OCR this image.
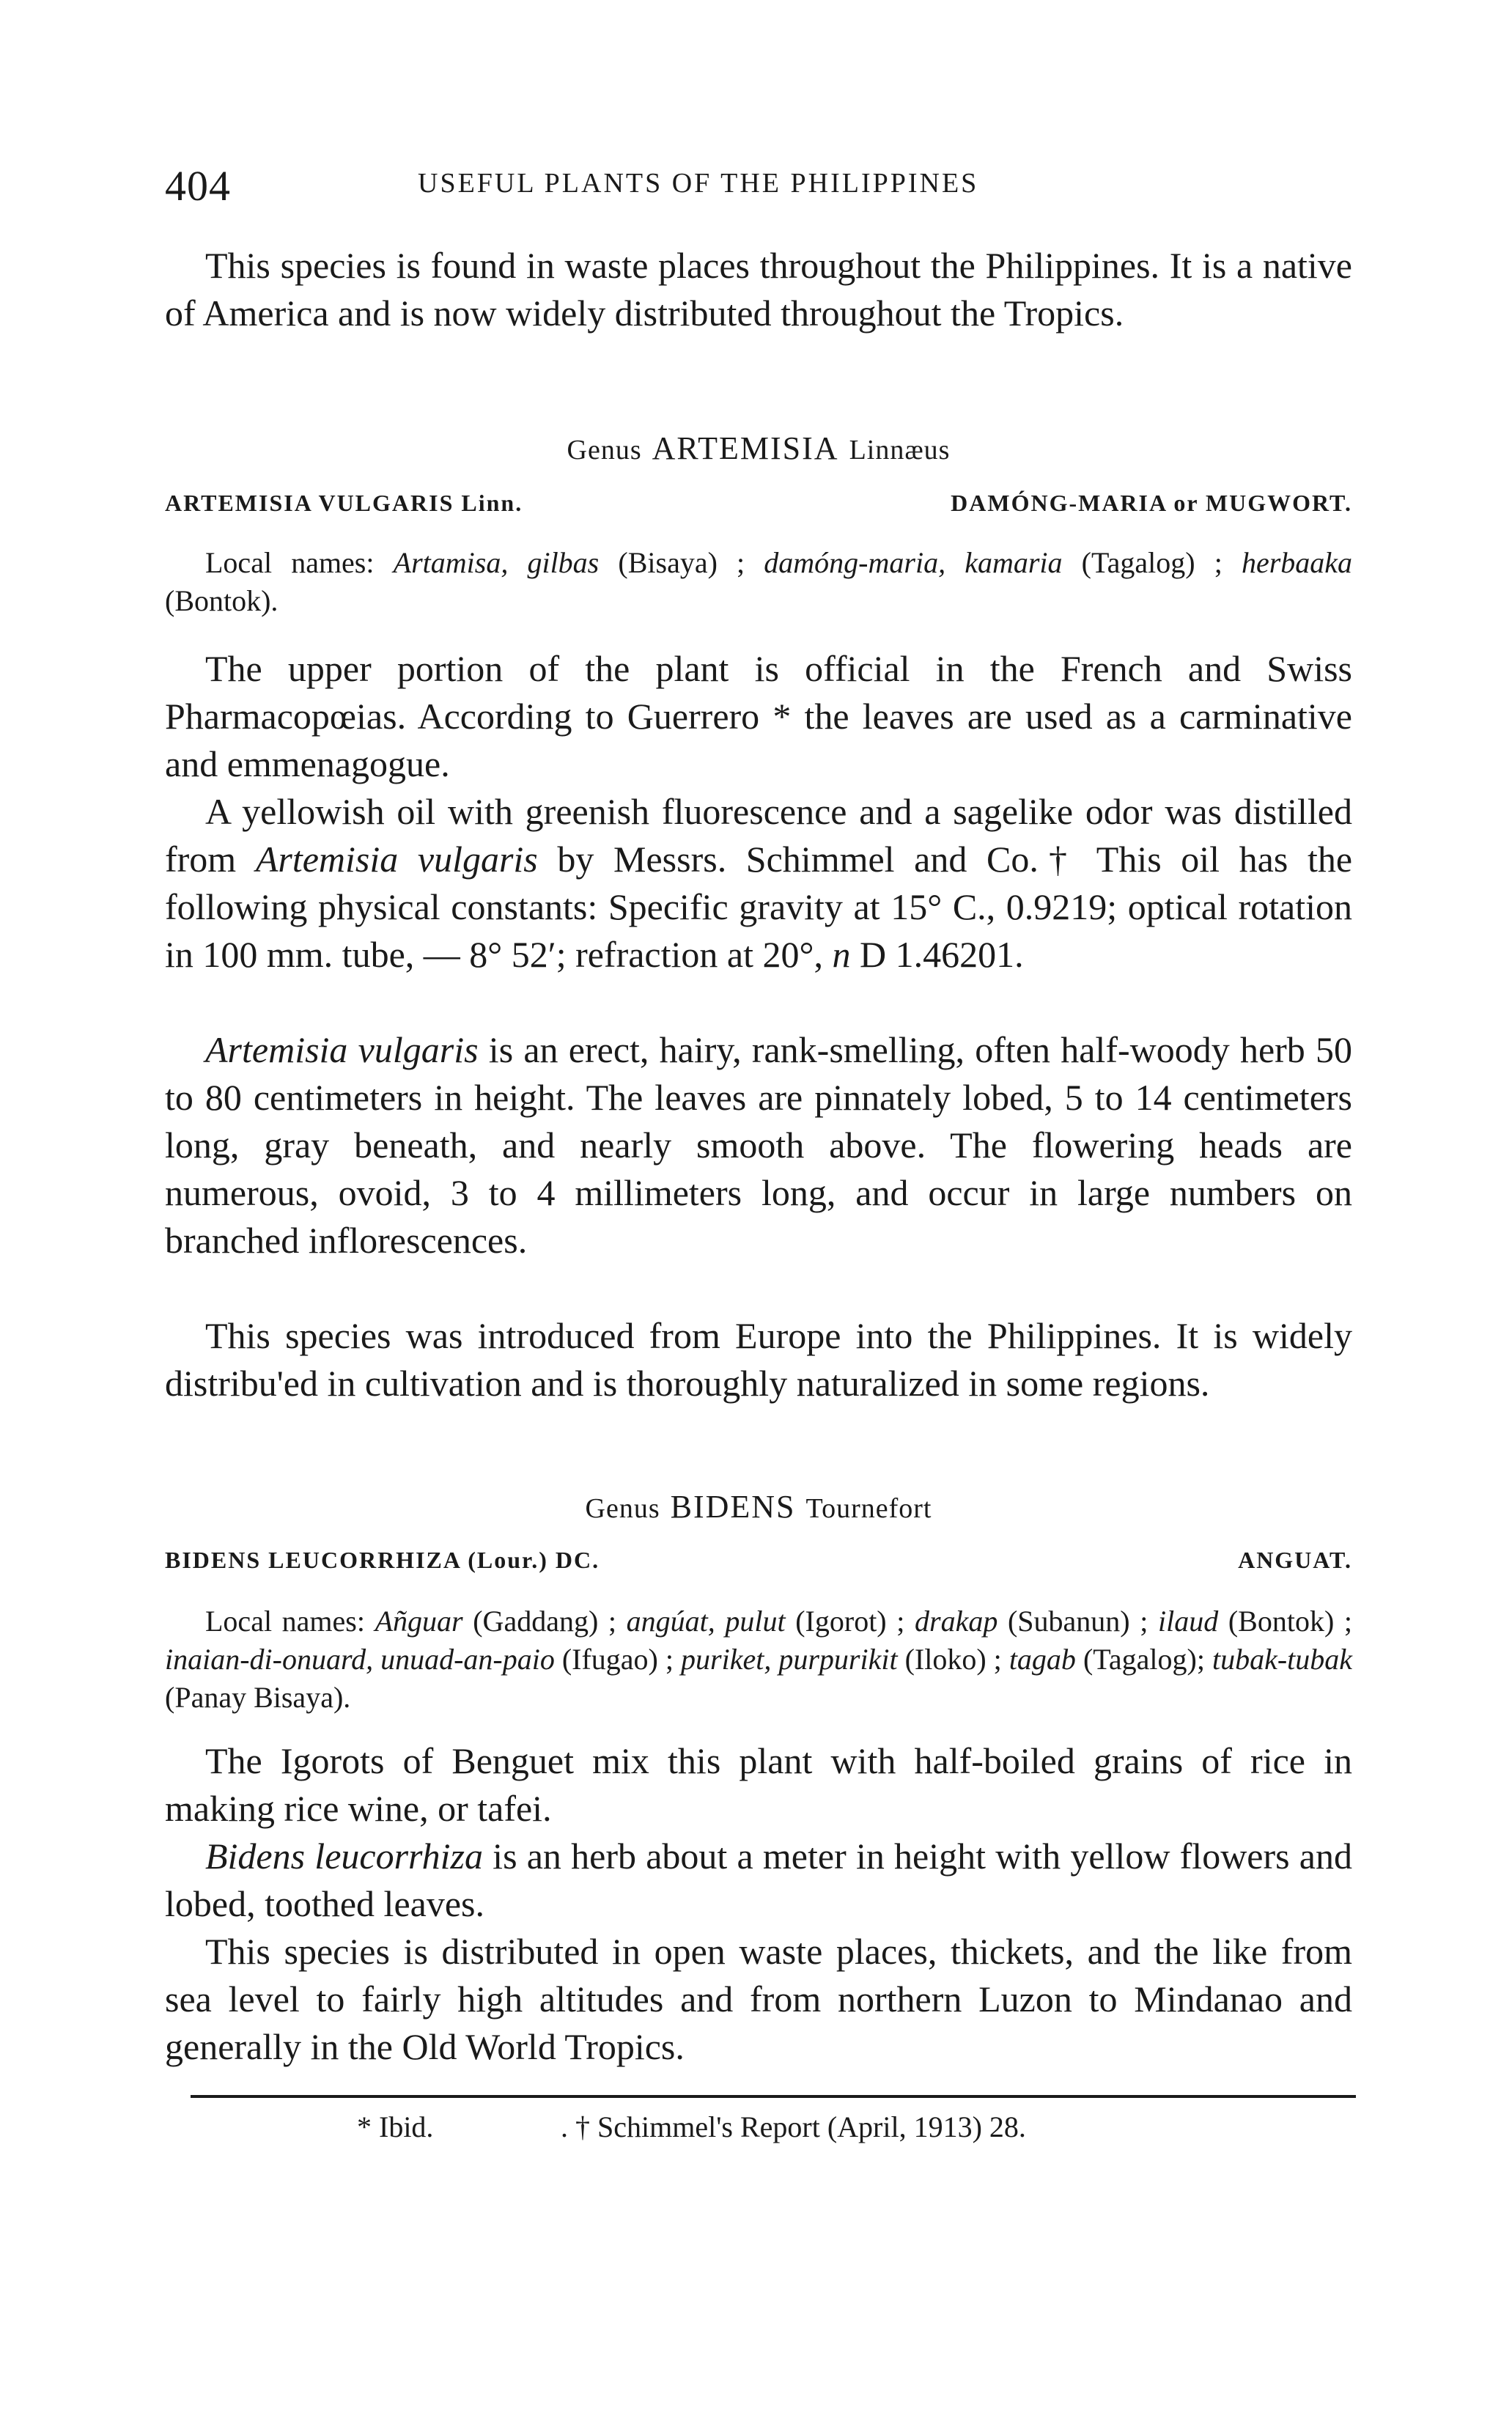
404	USEFUL PLANTS OF THE PHILIPPINES

This species is found in waste places throughout the Philippines. It is a native of America and is now widely distributed throughout the Tropics.

Genus ARTEMISIA Linnæus
ARTEMISIA VULGARIS Linn.	DAMÓNG-MARIA or MUGWORT.

Local names: Artamisa, gilbas (Bisaya) ; damóng-maria, kamaria (Tagalog) ; herbaaka (Bontok).

The upper portion of the plant is official in the French and Swiss Pharmacopœias. According to Guerrero * the leaves are used as a carminative and emmenagogue.

A yellowish oil with greenish fluorescence and a sagelike odor was distilled from Artemisia vulgaris by Messrs. Schimmel and Co.† This oil has the following physical constants: Specific gravity at 15° C., 0.9219; optical rotation in 100 mm. tube, — 8° 52′; refraction at 20°, n D 1.46201.

Artemisia vulgaris is an erect, hairy, rank-smelling, often half-woody herb 50 to 80 centimeters in height. The leaves are pinnately lobed, 5 to 14 centimeters long, gray beneath, and nearly smooth above. The flowering heads are numerous, ovoid, 3 to 4 millimeters long, and occur in large numbers on branched inflorescences.

This species was introduced from Europe into the Philippines. It is widely distribu'ed in cultivation and is thoroughly naturalized in some regions.

Genus BIDENS Tournefort
BIDENS LEUCORRHIZA (Lour.) DC.	ANGUAT.

Local names: Añguar (Gaddang) ; angúat, pulut (Igorot) ; drakap (Subanun) ; ilaud (Bontok) ; inaian-di-onuard, unuad-an-paio (Ifugao) ; puriket, purpurikit (Iloko) ; tagab (Tagalog); tubak-tubak (Panay Bisaya).

The Igorots of Benguet mix this plant with half-boiled grains of rice in making rice wine, or tafei.

Bidens leucorrhiza is an herb about a meter in height with yellow flowers and lobed, toothed leaves.

This species is distributed in open waste places, thickets, and the like from sea level to fairly high altitudes and from northern Luzon to Mindanao and generally in the Old World Tropics.

* Ibid.	. † Schimmel's Report (April, 1913) 28.
